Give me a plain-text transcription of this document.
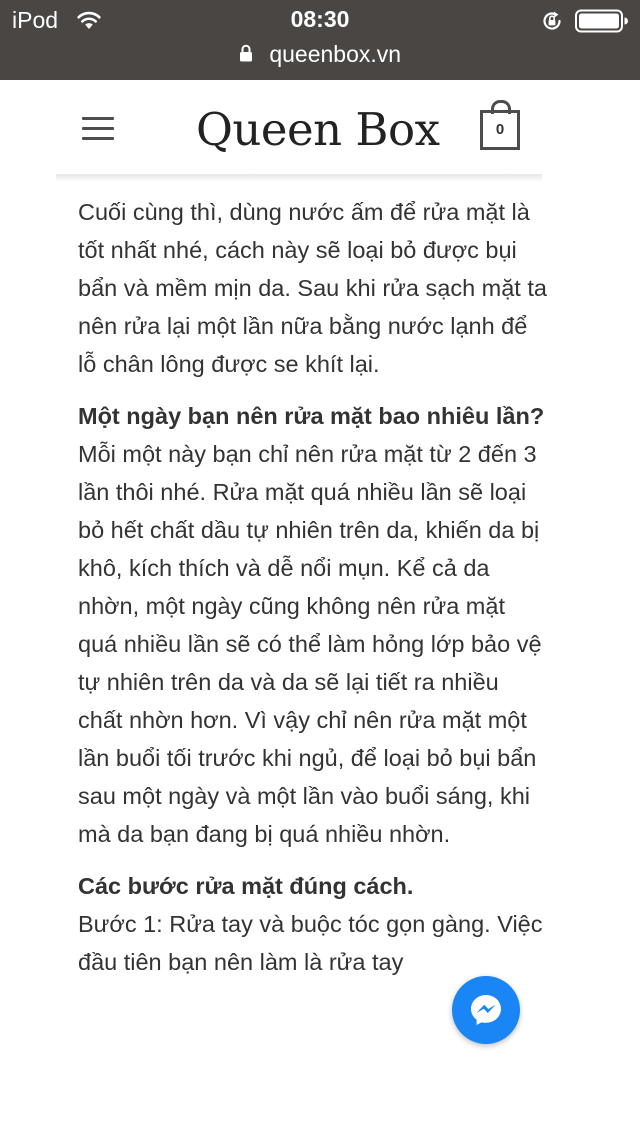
iPod	08:30
queenbox.vn
Queen Box	0

Cuối cùng thì, dùng nước ấm để rửa mặt là tốt nhất nhé, cách này sẽ loại bỏ được bụi bẩn và mềm mịn da. Sau khi rửa sạch mặt ta nên rửa lại một lần nữa bằng nước lạnh để lỗ chân lông được se khít lại.

Một ngày bạn nên rửa mặt bao nhiêu lần?

Mỗi một này bạn chỉ nên rửa mặt từ 2 đến 3 lần thôi nhé. Rửa mặt quá nhiều lần sẽ loại bỏ hết chất dầu tự nhiên trên da, khiến da bị khô, kích thích và dễ nổi mụn. Kể cả da nhờn, một ngày cũng không nên rửa mặt quá nhiều lần sẽ có thể làm hỏng lớp bảo vệ tự nhiên trên da và da sẽ lại tiết ra nhiều chất nhờn hơn. Vì vậy chỉ nên rửa mặt một lần buổi tối trước khi ngủ, để loại bỏ bụi bẩn sau một ngày và một lần vào buổi sáng, khi mà da bạn đang bị quá nhiều nhờn.

Các bước rửa mặt đúng cách.

Bước 1: Rửa tay và buộc tóc gọn gàng. Việc đầu tiên bạn nên làm là rửa tay
